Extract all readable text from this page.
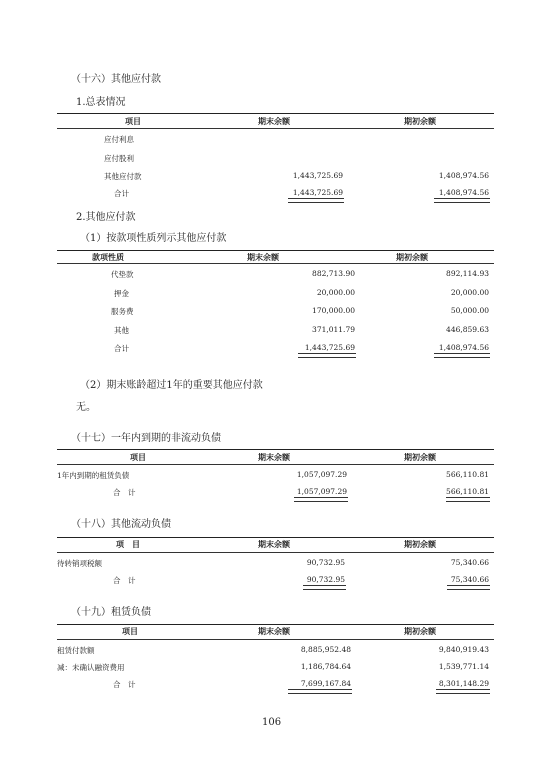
（十六）其他应付款
1.总表情况
项目	期末余额	期初余额
应付利息
应付股利
其他应付款	1,443,725.69	1,408,974.56
合计	1,443,725.69	1,408,974.56
2.其他应付款
（1）按款项性质列示其他应付款
款项性质	期末余额	期初余额
代垫款	882,713.90	892,114.93
押金	20,000.00	20,000.00
服务费	170,000.00	50,000.00
其他	371,011.79	446,859.63
合计	1,443,725.69	1,408,974.56
（2）期末账龄超过1年的重要其他应付款
无。
（十七）一年内到期的非流动负债
项目	期末余额	期初余额
1年内到期的租赁负债	1,057,097.29	566,110.81
合　计	1,057,097.29	566,110.81
（十八）其他流动负债
项　目	期末余额	期初余额
待转销项税额	90,732.95	75,340.66
合　计	90,732.95	75,340.66
（十九）租赁负债
项目	期末余额	期初余额
租赁付款额	8,885,952.48	9,840,919.43
减：未确认融资费用	1,186,784.64	1,539,771.14
合　计	7,699,167.84	8,301,148.29
106
